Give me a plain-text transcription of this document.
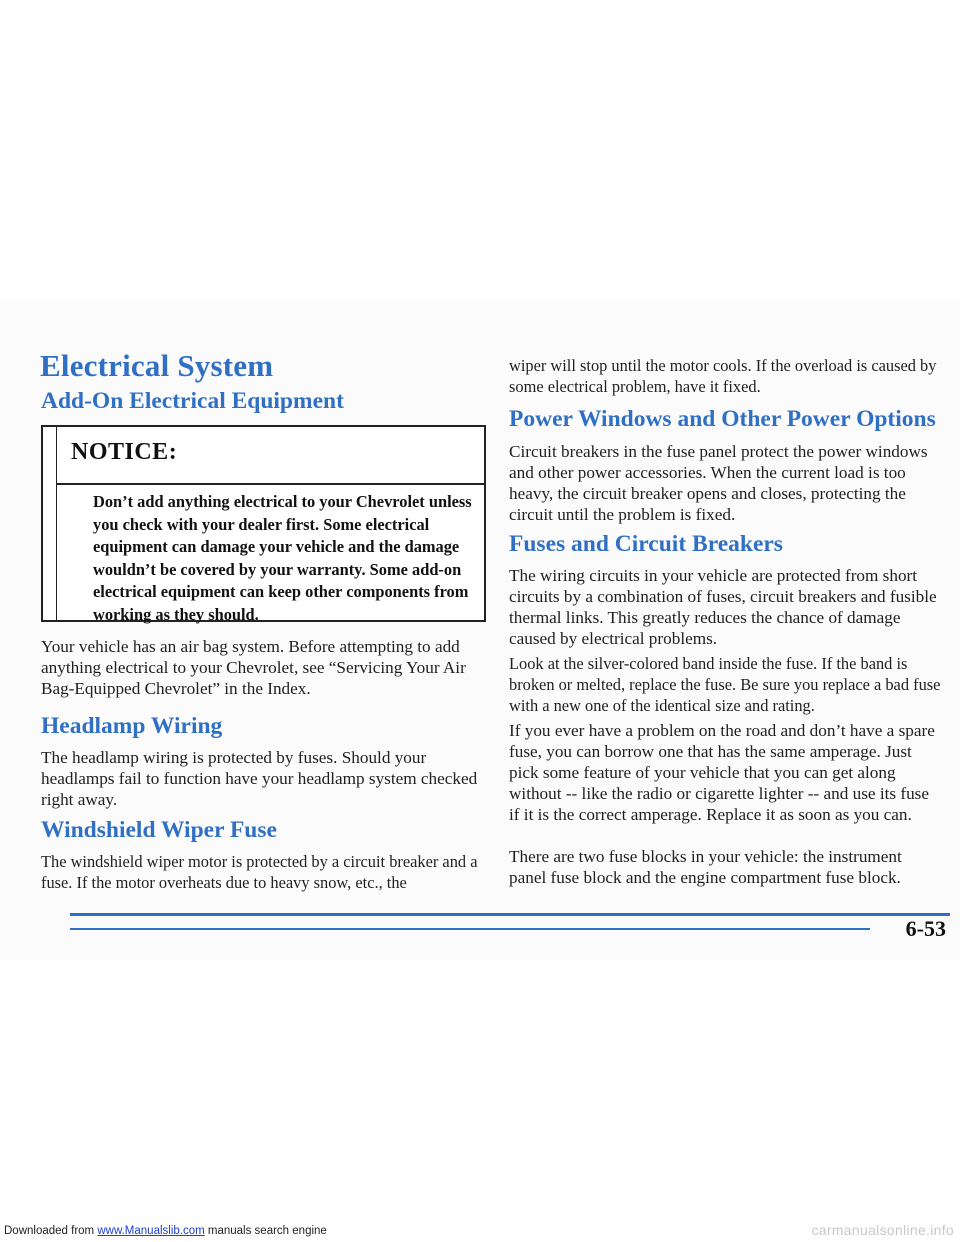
Electrical System
Add-On Electrical Equipment

NOTICE:

Don’t add anything electrical to your Chevrolet unless you check with your dealer first. Some electrical equipment can damage your vehicle and the damage wouldn’t be covered by your warranty. Some add-on electrical equipment can keep other components from working as they should.

Your vehicle has an air bag system. Before attempting to add anything electrical to your Chevrolet, see “Servicing Your Air Bag-Equipped Chevrolet” in the Index.

Headlamp Wiring

The headlamp wiring is protected by fuses. Should your headlamps fail to function have your headlamp system checked right away.

Windshield Wiper Fuse

The windshield wiper motor is protected by a circuit breaker and a fuse. If the motor overheats due to heavy snow, etc., the

wiper will stop until the motor cools. If the overload is caused by some electrical problem, have it fixed.

Power Windows and Other Power Options

Circuit breakers in the fuse panel protect the power windows and other power accessories. When the current load is too heavy, the circuit breaker opens and closes, protecting the circuit until the problem is fixed.

Fuses and Circuit Breakers

The wiring circuits in your vehicle are protected from short circuits by a combination of fuses, circuit breakers and fusible thermal links. This greatly reduces the chance of damage caused by electrical problems.

Look at the silver-colored band inside the fuse. If the band is broken or melted, replace the fuse. Be sure you replace a bad fuse with a new one of the identical size and rating.

If you ever have a problem on the road and don’t have a spare fuse, you can borrow one that has the same amperage. Just pick some feature of your vehicle that you can get along without -- like the radio or cigarette lighter -- and use its fuse if it is the correct amperage. Replace it as soon as you can.

There are two fuse blocks in your vehicle: the instrument panel fuse block and the engine compartment fuse block.

6-53

Downloaded from www.Manualslib.com manuals search engine	carmanualsonline.info
